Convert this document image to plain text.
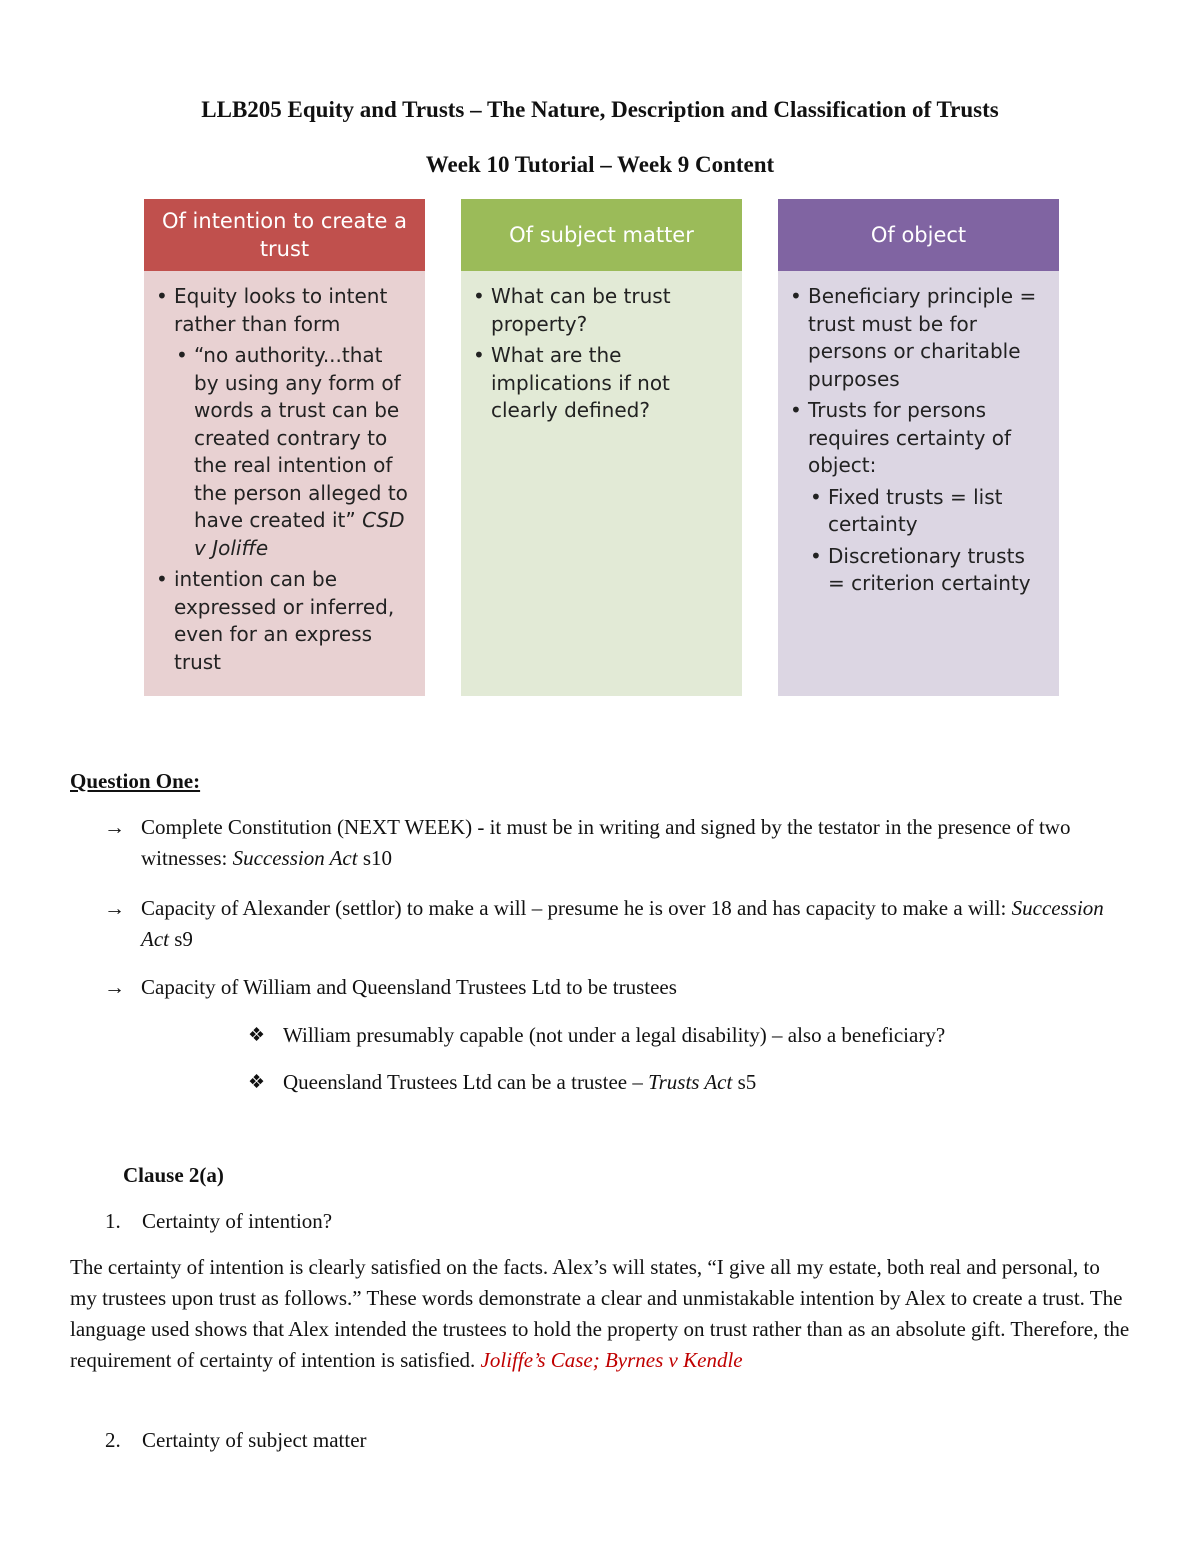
LLB205 Equity and Trusts – The Nature, Description and Classification of Trusts
Week 10 Tutorial – Week 9 Content
Of intention to create a trust
• Equity looks to intent rather than form
• “no authority...that by using any form of words a trust can be created contrary to the real intention of the person alleged to have created it” CSD v Joliffe
• intention can be expressed or inferred, even for an express trust
Of subject matter
• What can be trust property?
• What are the implications if not clearly defined?
Of object
• Beneficiary principle = trust must be for persons or charitable purposes
• Trusts for persons requires certainty of object:
• Fixed trusts = list certainty
• Discretionary trusts = criterion certainty

Question One:

→ Complete Constitution (NEXT WEEK) - it must be in writing and signed by the testator in the presence of two witnesses: Succession Act s10
→ Capacity of Alexander (settlor) to make a will – presume he is over 18 and has capacity to make a will: Succession Act s9
→ Capacity of William and Queensland Trustees Ltd to be trustees
❖ William presumably capable (not under a legal disability) – also a beneficiary?
❖ Queensland Trustees Ltd can be a trustee – Trusts Act s5

Clause 2(a)

1. Certainty of intention?

The certainty of intention is clearly satisfied on the facts. Alex’s will states, “I give all my estate, both real and personal, to my trustees upon trust as follows.” These words demonstrate a clear and unmistakable intention by Alex to create a trust. The language used shows that Alex intended the trustees to hold the property on trust rather than as an absolute gift. Therefore, the requirement of certainty of intention is satisfied. Joliffe’s Case; Byrnes v Kendle

2. Certainty of subject matter
